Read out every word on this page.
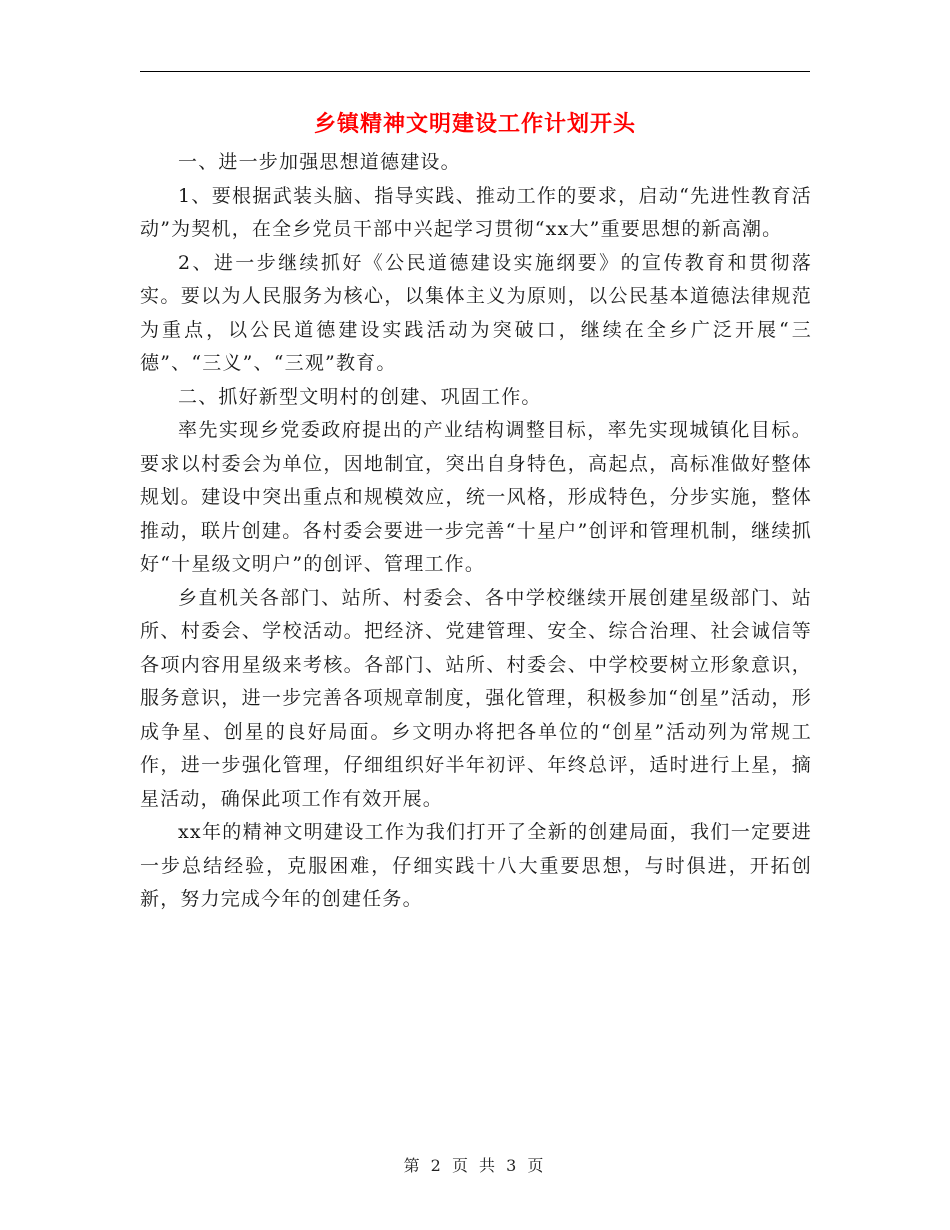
乡镇精神文明建设工作计划开头

一、进一步加强思想道德建设。

1、要根据武装头脑、指导实践、推动工作的要求，启动“先进性教育活动”为契机，在全乡党员干部中兴起学习贯彻“xx大”重要思想的新高潮。

2、进一步继续抓好《公民道德建设实施纲要》的宣传教育和贯彻落实。要以为人民服务为核心，以集体主义为原则，以公民基本道德法律规范为重点，以公民道德建设实践活动为突破口，继续在全乡广泛开展“三德”、“三义”、“三观”教育。

二、抓好新型文明村的创建、巩固工作。

率先实现乡党委政府提出的产业结构调整目标，率先实现城镇化目标。要求以村委会为单位，因地制宜，突出自身特色，高起点，高标准做好整体规划。建设中突出重点和规模效应，统一风格，形成特色，分步实施，整体推动，联片创建。各村委会要进一步完善“十星户”创评和管理机制，继续抓好“十星级文明户”的创评、管理工作。

乡直机关各部门、站所、村委会、各中学校继续开展创建星级部门、站所、村委会、学校活动。把经济、党建管理、安全、综合治理、社会诚信等各项内容用星级来考核。各部门、站所、村委会、中学校要树立形象意识，服务意识，进一步完善各项规章制度，强化管理，积极参加“创星”活动，形成争星、创星的良好局面。乡文明办将把各单位的“创星”活动列为常规工作，进一步强化管理，仔细组织好半年初评、年终总评，适时进行上星，摘星活动，确保此项工作有效开展。

xx年的精神文明建设工作为我们打开了全新的创建局面，我们一定要进一步总结经验，克服困难，仔细实践十八大重要思想，与时俱进，开拓创新，努力完成今年的创建任务。

第 2 页 共 3 页
